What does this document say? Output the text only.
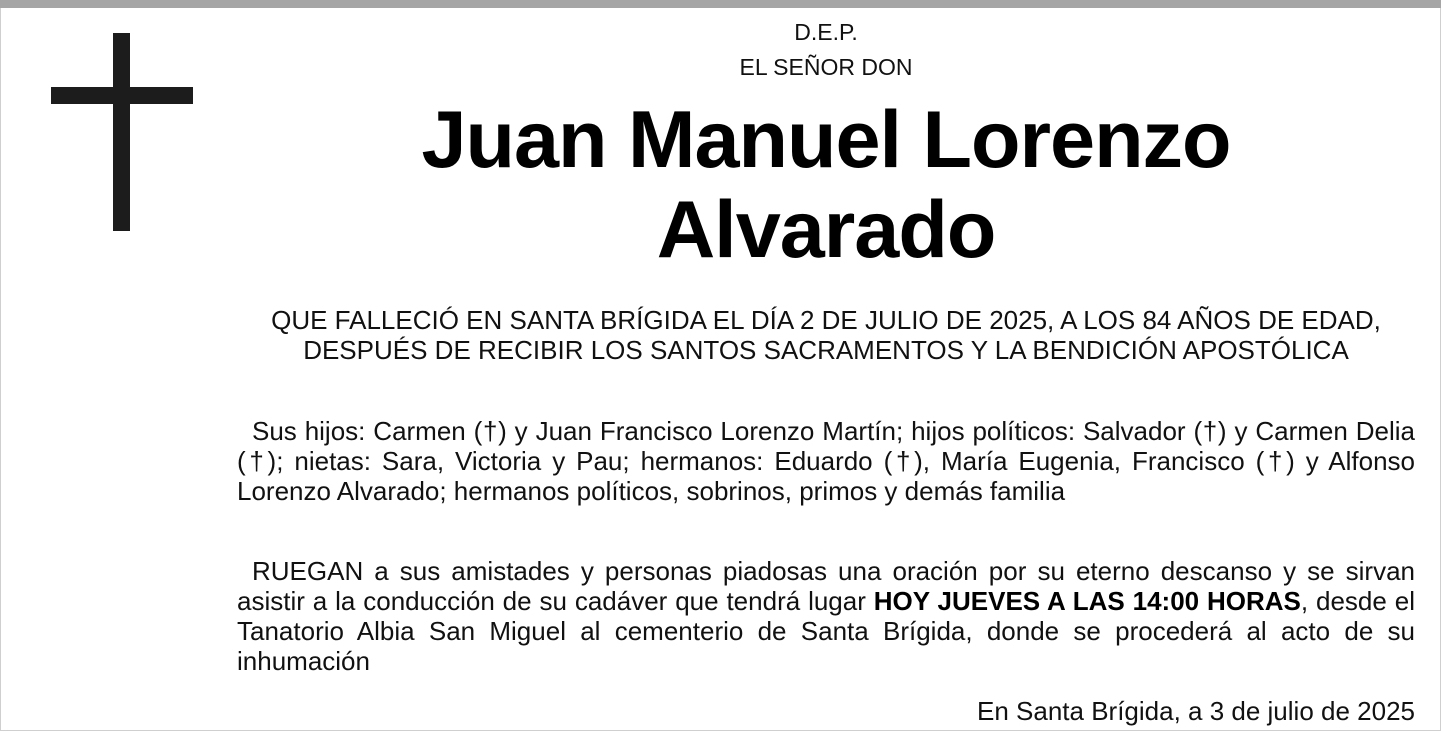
D.E.P.
EL SEÑOR DON
Juan Manuel Lorenzo
Alvarado
QUE FALLECIÓ EN SANTA BRÍGIDA EL DÍA 2 DE JULIO DE 2025, A LOS 84 AÑOS DE EDAD, DESPUÉS DE RECIBIR LOS SANTOS SACRAMENTOS Y LA BENDICIÓN APOSTÓLICA
Sus hijos: Carmen (†) y Juan Francisco Lorenzo Martín; hijos políticos: Salvador (†) y Carmen Delia (†); nietas: Sara, Victoria y Pau; hermanos: Eduardo (†), María Eugenia, Francisco (†) y Alfonso Lorenzo Alvarado; hermanos políticos, sobrinos, primos y demás familia
RUEGAN a sus amistades y personas piadosas una oración por su eterno descanso y se sirvan asistir a la conducción de su cadáver que tendrá lugar HOY JUEVES A LAS 14:00 HORAS, desde el Tanatorio Albia San Miguel al cementerio de Santa Brígida, donde se procederá al acto de su inhumación
En Santa Brígida, a 3 de julio de 2025
